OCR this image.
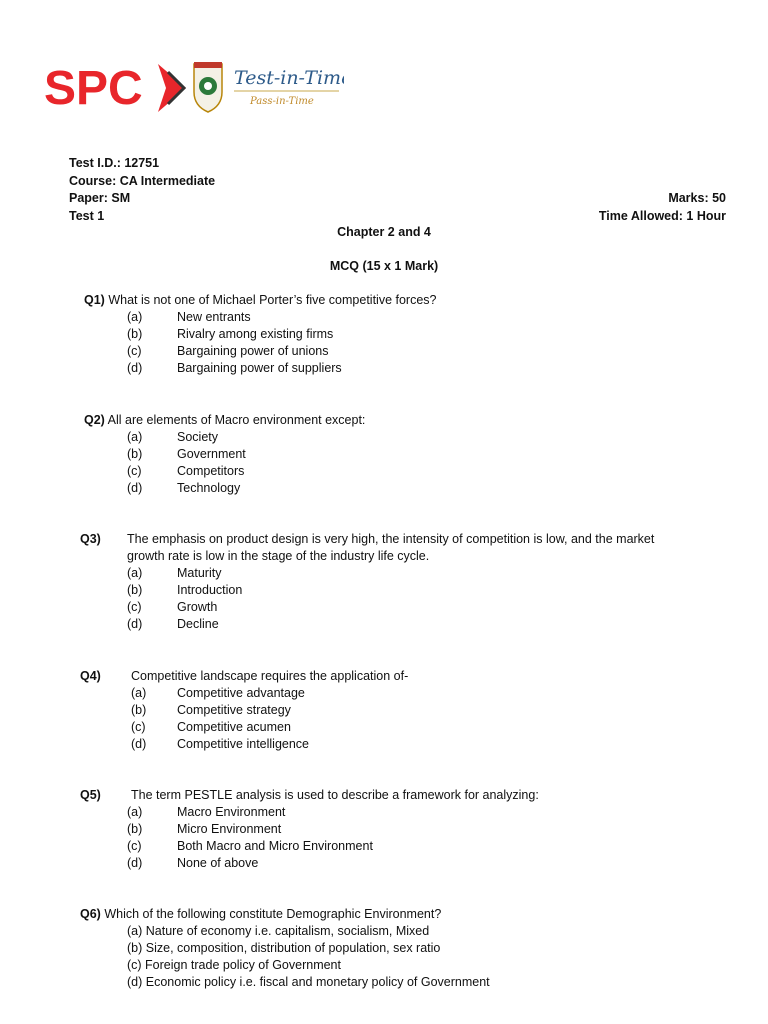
SPC	Test-in-Time
Pass-in-Time
Test I.D.: 12751
Course: CA Intermediate
Paper: SM
Test 1
Marks: 50
Time Allowed: 1 Hour
Chapter 2 and 4
MCQ (15 x 1 Mark)
Q1) What is not one of Michael Porter’s five competitive forces?
(a)	New entrants
(b)	Rivalry among existing firms
(c)	Bargaining power of unions
(d)	Bargaining power of suppliers
Q2) All are elements of Macro environment except:
(a)	Society
(b)	Government
(c)	Competitors
(d)	Technology
Q3)	The emphasis on product design is very high, the intensity of competition is low, and the market
growth rate is low in the stage of the industry life cycle.
(a)	Maturity
(b)	Introduction
(c)	Growth
(d)	Decline
Q4)	Competitive landscape requires the application of-
(a)	Competitive advantage
(b)	Competitive strategy
(c)	Competitive acumen
(d)	Competitive intelligence
Q5)	The term PESTLE analysis is used to describe a framework for analyzing:
(a)	Macro Environment
(b)	Micro Environment
(c)	Both Macro and Micro Environment
(d)	None of above
Q6) Which of the following constitute Demographic Environment?
(a) Nature of economy i.e. capitalism, socialism, Mixed
(b) Size, composition, distribution of population, sex ratio
(c) Foreign trade policy of Government
(d) Economic policy i.e. fiscal and monetary policy of Government
